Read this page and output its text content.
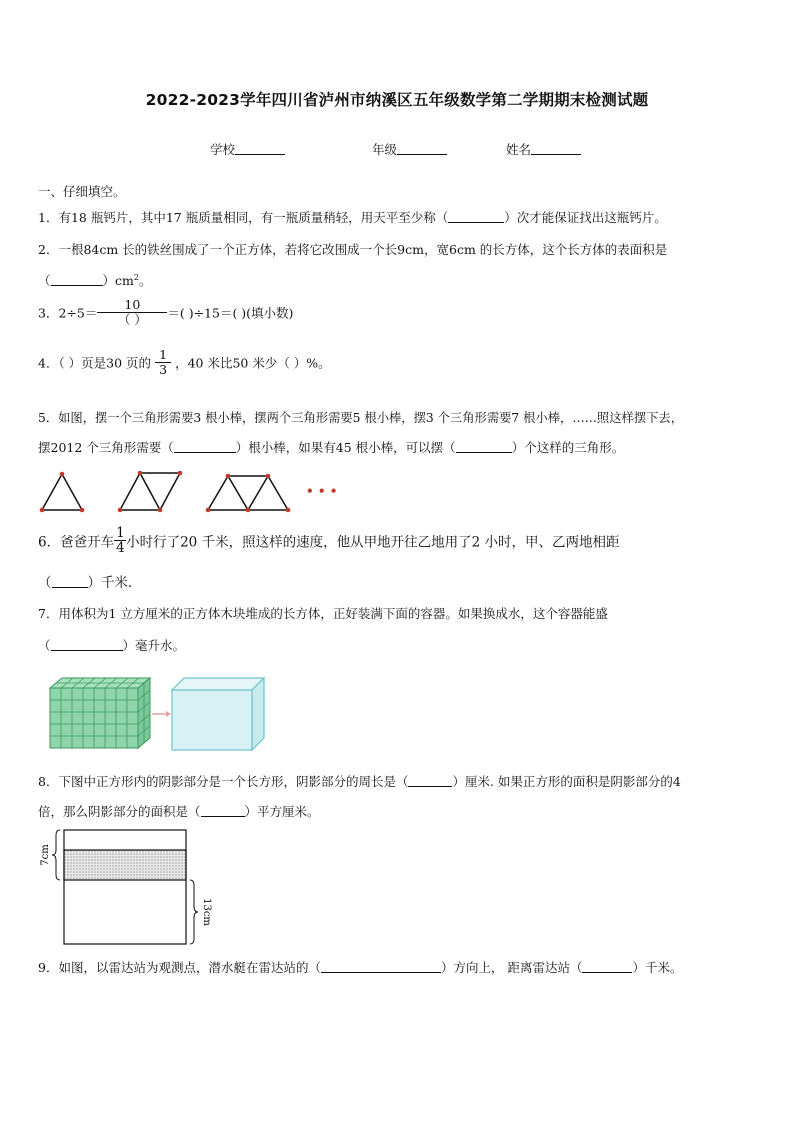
2022-2023学年四川省泸州市纳溪区五年级数学第二学期期末检测试题
学校	年级	姓名
一、仔细填空。
1．有18 瓶钙片，其中17 瓶质量相同，有一瓶质量稍轻，用天平至少称（	）次才能保证找出这瓶钙片。
2．一根84cm 长的铁丝围成了一个正方体，若将它改围成一个长9cm，宽6cm 的长方体，这个长方体的表面积是
（	）$cm^2$。
3．$2\div 5= \frac{10}{( )}$ ＝( )÷15＝( )(填小数)
4．（ ）页是30 页的 $\frac{1}{3}$ ，40 米比50 米少（ ）%。
5．如图，摆一个三角形需要3 根小棒，摆两个三角形需要5 根小棒，摆3 个三角形需要7 根小棒，……照这样摆下去，
摆2012 个三角形需要（	）根小棒，如果有45 根小棒，可以摆（	）个这样的三角形。
• • •
6．爸爸开车 $\frac{1}{4}$ 小时行了20 千米，照这样的速度，他从甲地开往乙地用了2 小时，甲、乙两地相距
（	）千米．
7．用体积为1 立方厘米的正方体木块堆成的长方体，正好装满下面的容器。如果换成水，这个容器能盛
（	）毫升水。
8．下图中正方形内的阴影部分是一个长方形，阴影部分的周长是（	）厘米. 如果正方形的面积是阴影部分的4
倍，那么阴影部分的面积是（	）平方厘米。
7cm
13cm
9．如图，以雷达站为观测点，潜水艇在雷达站的（	）方向上， 距离雷达站（	）千米。
